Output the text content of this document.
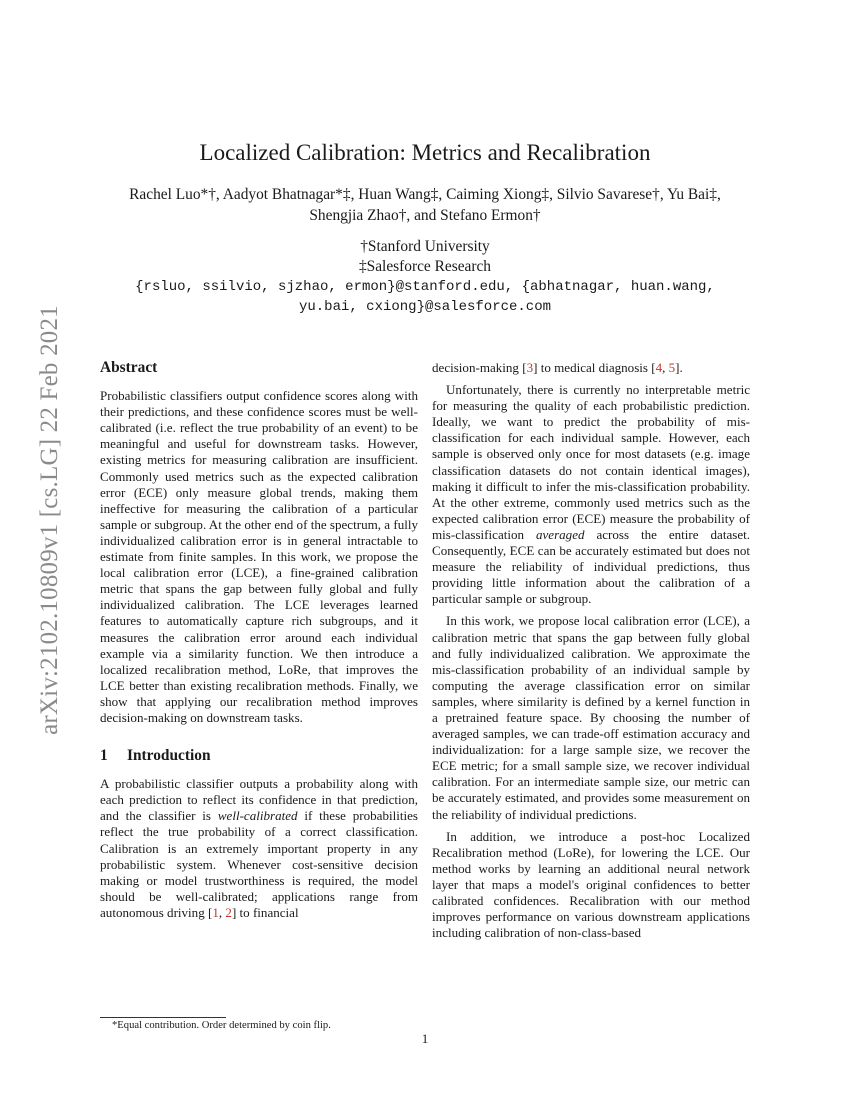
arXiv:2102.10809v1 [cs.LG] 22 Feb 2021
Localized Calibration: Metrics and Recalibration
Rachel Luo*†, Aadyot Bhatnagar*‡, Huan Wang‡, Caiming Xiong‡, Silvio Savarese†, Yu Bai‡,
Shengjia Zhao†, and Stefano Ermon†
†Stanford University
‡Salesforce Research
{rsluo, ssilvio, sjzhao, ermon}@stanford.edu, {abhatnagar, huan.wang,
yu.bai, cxiong}@salesforce.com
Abstract

Probabilistic classifiers output confidence scores along with their predictions, and these confidence scores must be well-calibrated (i.e. reflect the true probability of an event) to be meaningful and useful for downstream tasks. However, existing metrics for measuring calibration are insufficient. Commonly used metrics such as the expected calibration error (ECE) only measure global trends, making them ineffective for measuring the calibration of a particular sample or subgroup. At the other end of the spectrum, a fully individualized calibration error is in general intractable to estimate from finite samples. In this work, we propose the local calibration error (LCE), a fine-grained calibration metric that spans the gap between fully global and fully individualized calibration. The LCE leverages learned features to automatically capture rich subgroups, and it measures the calibration error around each individual example via a similarity function. We then introduce a localized recalibration method, LoRe, that improves the LCE better than existing recalibration methods. Finally, we show that applying our recalibration method improves decision-making on downstream tasks.

1 Introduction

A probabilistic classifier outputs a probability along with each prediction to reflect its confidence in that prediction, and the classifier is well-calibrated if these probabilities reflect the true probability of a correct classification. Calibration is an extremely important property in any probabilistic system. Whenever cost-sensitive decision making or model trustworthiness is required, the model should be well-calibrated; applications range from autonomous driving [1, 2] to financial

decision-making [3] to medical diagnosis [4, 5].

Unfortunately, there is currently no interpretable metric for measuring the quality of each probabilistic prediction. Ideally, we want to predict the probability of mis-classification for each individual sample. However, each sample is observed only once for most datasets (e.g. image classification datasets do not contain identical images), making it difficult to infer the mis-classification probability. At the other extreme, commonly used metrics such as the expected calibration error (ECE) measure the probability of mis-classification averaged across the entire dataset. Consequently, ECE can be accurately estimated but does not measure the reliability of individual predictions, thus providing little information about the calibration of a particular sample or subgroup.

In this work, we propose local calibration error (LCE), a calibration metric that spans the gap between fully global and fully individualized calibration. We approximate the mis-classification probability of an individual sample by computing the average classification error on similar samples, where similarity is defined by a kernel function in a pretrained feature space. By choosing the number of averaged samples, we can trade-off estimation accuracy and individualization: for a large sample size, we recover the ECE metric; for a small sample size, we recover individual calibration. For an intermediate sample size, our metric can be accurately estimated, and provides some measurement on the reliability of individual predictions.

In addition, we introduce a post-hoc Localized Recalibration method (LoRe), for lowering the LCE. Our method works by learning an additional neural network layer that maps a model's original confidences to better calibrated confidences. Recalibration with our method improves performance on various downstream applications including calibration of non-class-based

*Equal contribution. Order determined by coin flip.
1
